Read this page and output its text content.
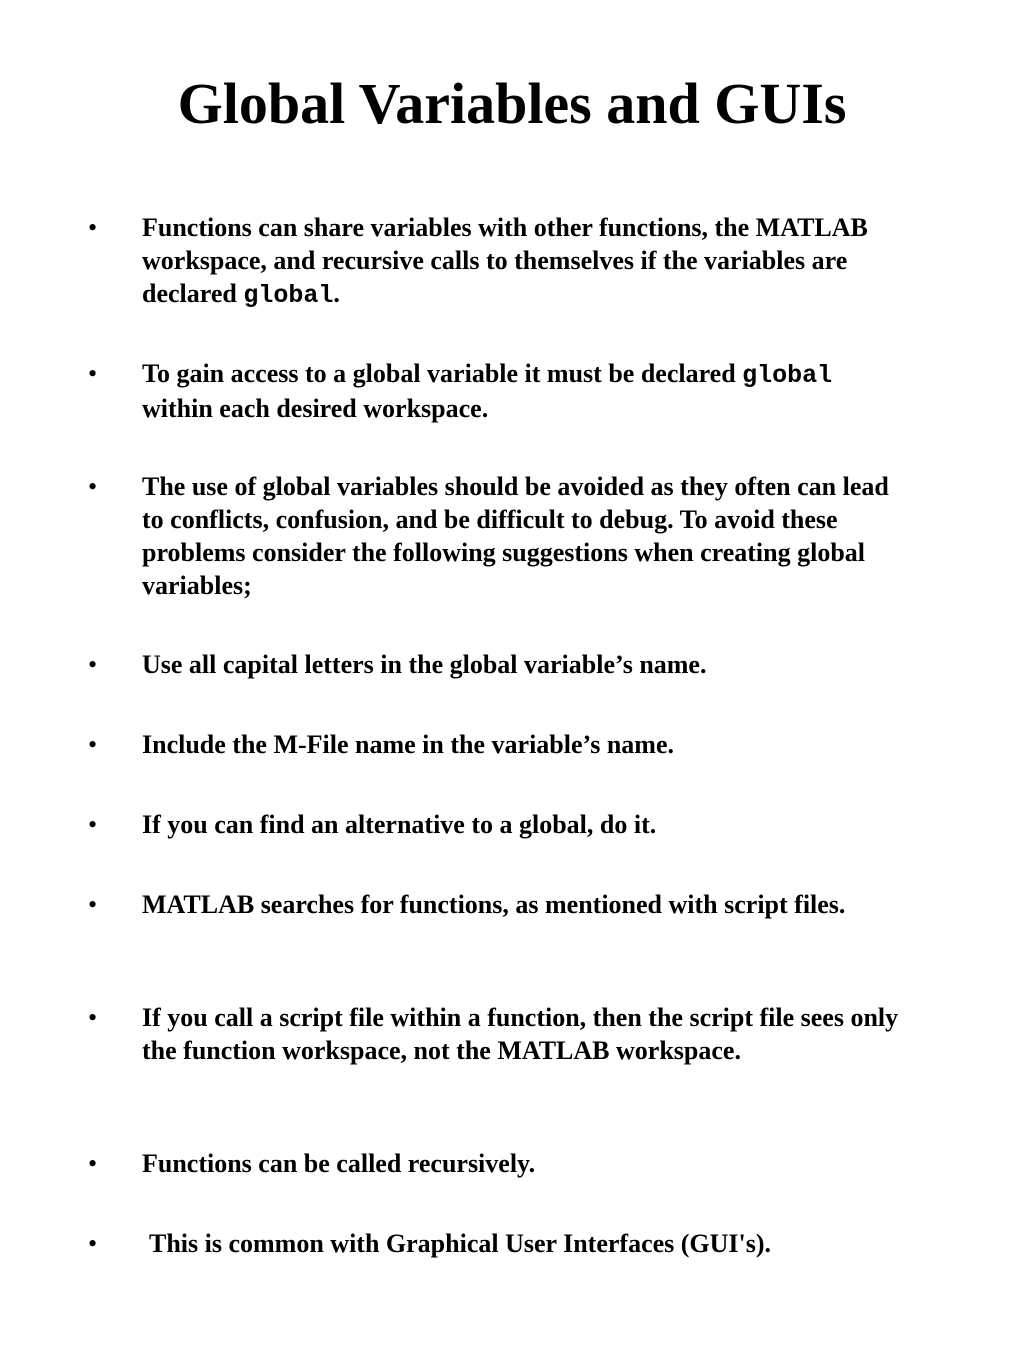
Global Variables and GUIs
• Functions can share variables with other functions, the MATLAB workspace, and recursive calls to themselves if the variables are declared global.

• To gain access to a global variable it must be declared global within each desired workspace.

• The use of global variables should be avoided as they often can lead to conflicts, confusion, and be difficult to debug. To avoid these problems consider the following suggestions when creating global variables;

• Use all capital letters in the global variable’s name.

• Include the M-File name in the variable’s name.

• If you can find an alternative to a global, do it.

• MATLAB searches for functions, as mentioned with script files.

• If you call a script file within a function, then the script file sees only the function workspace, not the MATLAB workspace.

• Functions can be called recursively.

• This is common with Graphical User Interfaces (GUI's).
